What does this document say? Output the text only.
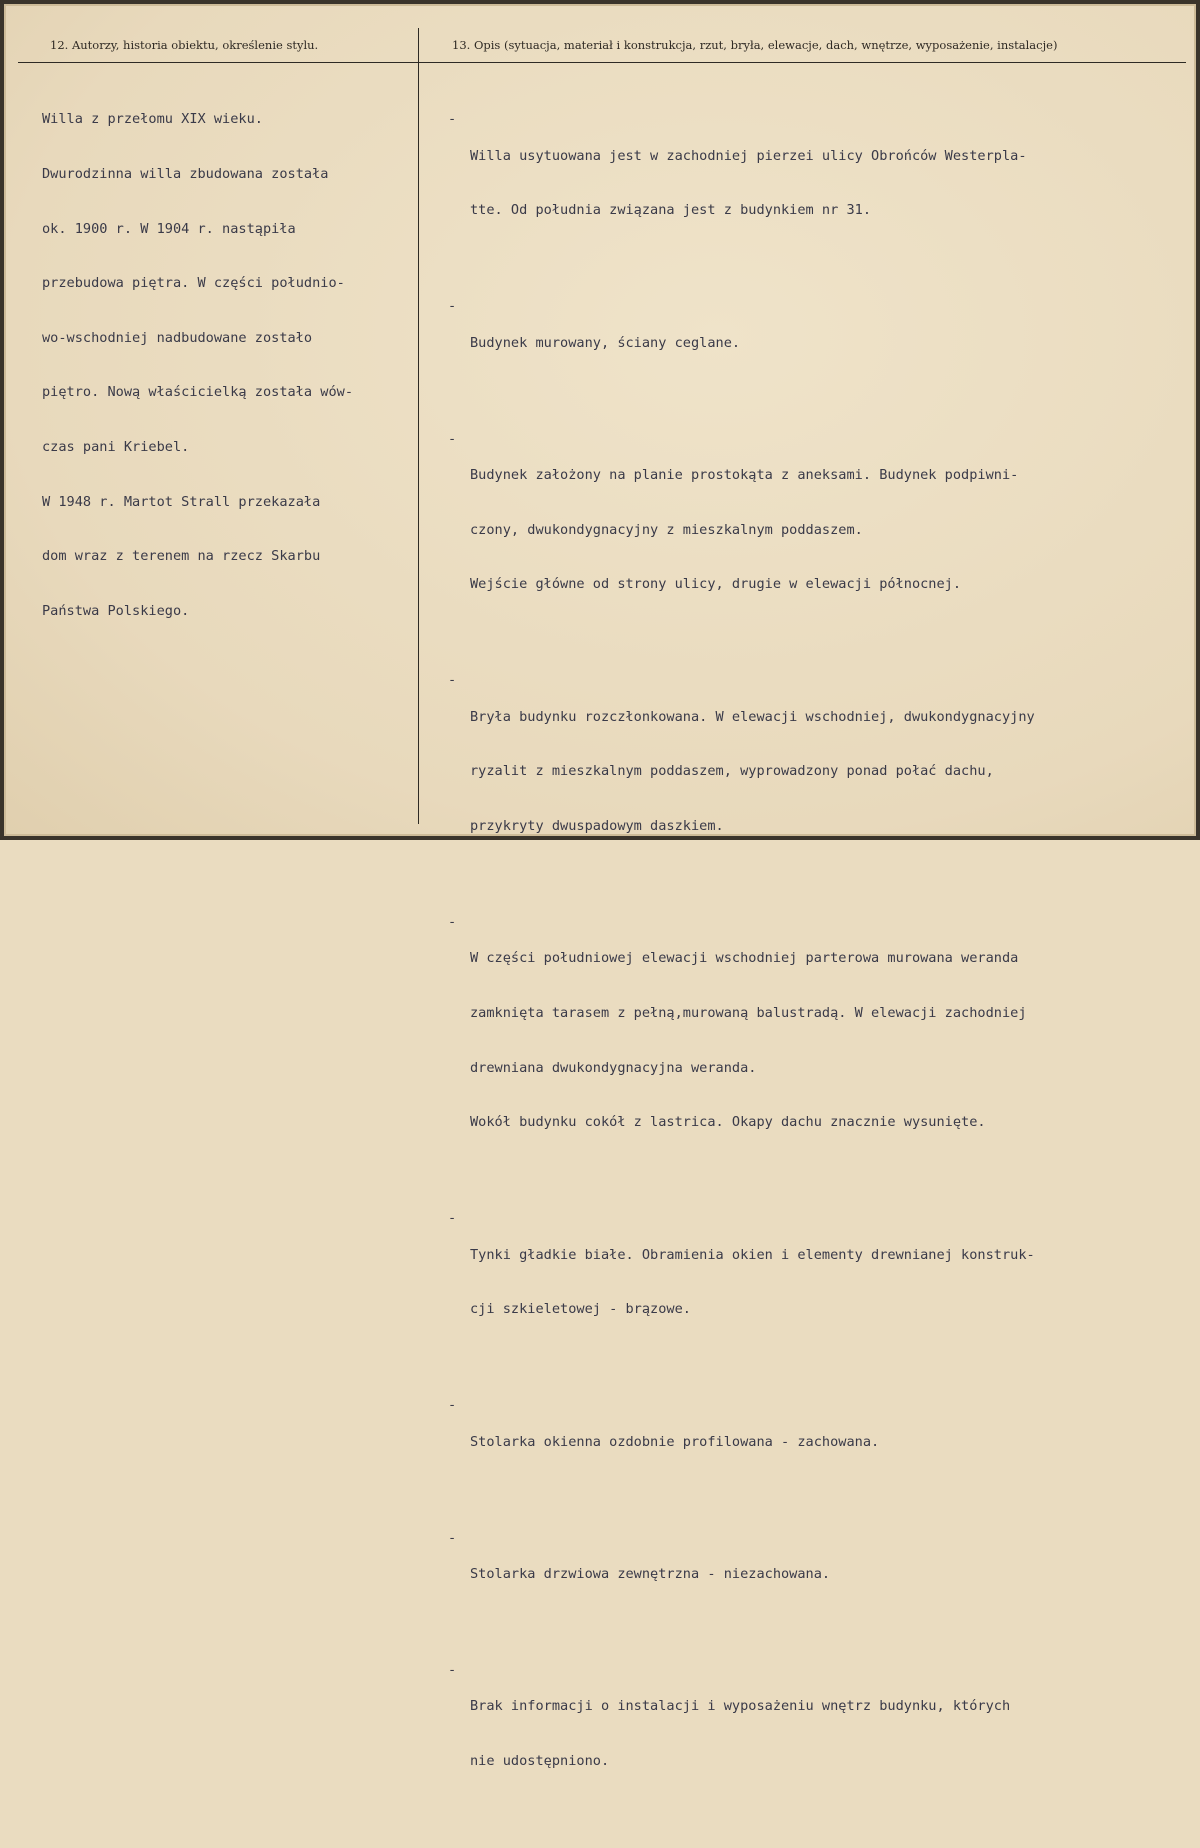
12. Autorzy, historia obiektu, określenie stylu.	13. Opis (sytuacja, materiał i konstrukcja, rzut, bryła, elewacje, dach, wnętrze, wyposażenie, instalacje)

Willa z przełomu XIX wieku.

Dwurodzinna willa zbudowana została

ok. 1900 r. W 1904 r. nastąpiła

przebudowa piętra. W części południo-

wo-wschodniej nadbudowane zostało

piętro. Nową właścicielką została wów-

czas pani Kriebel.

W 1948 r. Martot Strall przekazała

dom wraz z terenem na rzecz Skarbu

Państwa Polskiego.

-

Willa usytuowana jest w zachodniej pierzei ulicy Obrońców Westerpla-

tte. Od południa związana jest z budynkiem nr 31.

-

Budynek murowany, ściany ceglane.

-

Budynek założony na planie prostokąta z aneksami. Budynek podpiwni-

czony, dwukondygnacyjny z mieszkalnym poddaszem.

Wejście główne od strony ulicy, drugie w elewacji północnej.

-

Bryła budynku rozczłonkowana. W elewacji wschodniej, dwukondygnacyjny

ryzalit z mieszkalnym poddaszem, wyprowadzony ponad połać dachu,

przykryty dwuspadowym daszkiem.

-

W części południowej elewacji wschodniej parterowa murowana weranda

zamknięta tarasem z pełną,murowaną balustradą. W elewacji zachodniej

drewniana dwukondygnacyjna weranda.

Wokół budynku cokół z lastrica. Okapy dachu znacznie wysunięte.

-

Tynki gładkie białe. Obramienia okien i elementy drewnianej konstruk-

cji szkieletowej - brązowe.

-

Stolarka okienna ozdobnie profilowana - zachowana.

-

Stolarka drzwiowa zewnętrzna - niezachowana.

-

Brak informacji o instalacji i wyposażeniu wnętrz budynku, których

nie udostępniono.
